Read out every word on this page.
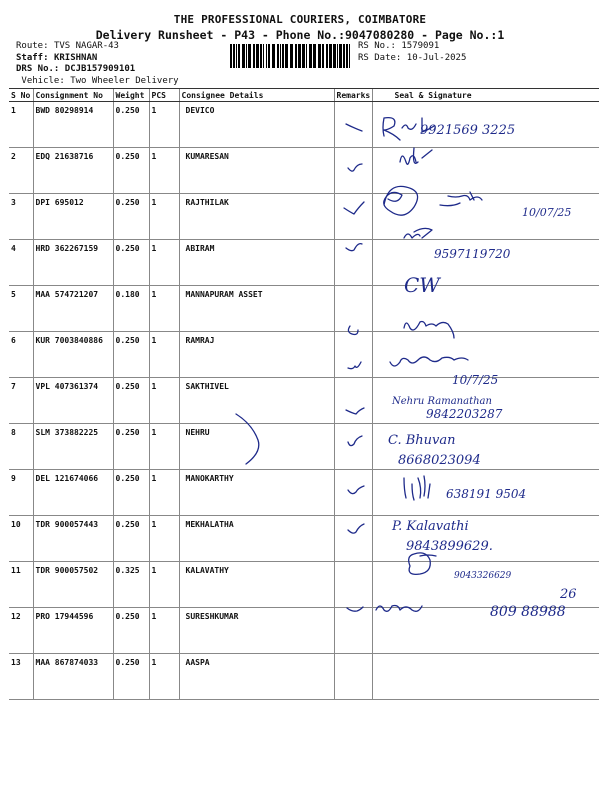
THE PROFESSIONAL COURIERS, COIMBATORE
Delivery Runsheet - P43 - Phone No.:9047080280 - Page No.:1
Route: TVS NAGAR-43
Staff: KRISHNAN
DRS No.: DCJB157909101
Vehicle: Two Wheeler Delivery
RS No.: 1579091
RS Date: 10-Jul-2025
S No	Consignment No	Weight	PCS	Consignee Details	Remarks	Seal & Signature
1	BWD 80298914	0.250	1	DEVICO		
2	EDQ 21638716	0.250	1	KUMARESAN		
3	DPI 695012	0.250	1	RAJTHILAK		
4	HRD 362267159	0.250	1	ABIRAM		
5	MAA 574721207	0.180	1	MANNAPURAM ASSET		
6	KUR 7003840886	0.250	1	RAMRAJ		
7	VPL 407361374	0.250	1	SAKTHIVEL		
8	SLM 373882225	0.250	1	NEHRU		
9	DEL 121674066	0.250	1	MANOKARTHY		
10	TDR 900057443	0.250	1	MEKHALATHA		
11	TDR 900057502	0.325	1	KALAVATHY		
12	PRO 17944596	0.250	1	SURESHKUMAR		
13	MAA 867874033	0.250	1	AASPA		
9921569 3225
10/07/25
9597119720
CW
10/7/25
Nehru Ramanathan
9842203287
C. Bhuvan
8668023094
638191 9504
P. Kalavathi
9843899629.
9043326629
809 88988
26
